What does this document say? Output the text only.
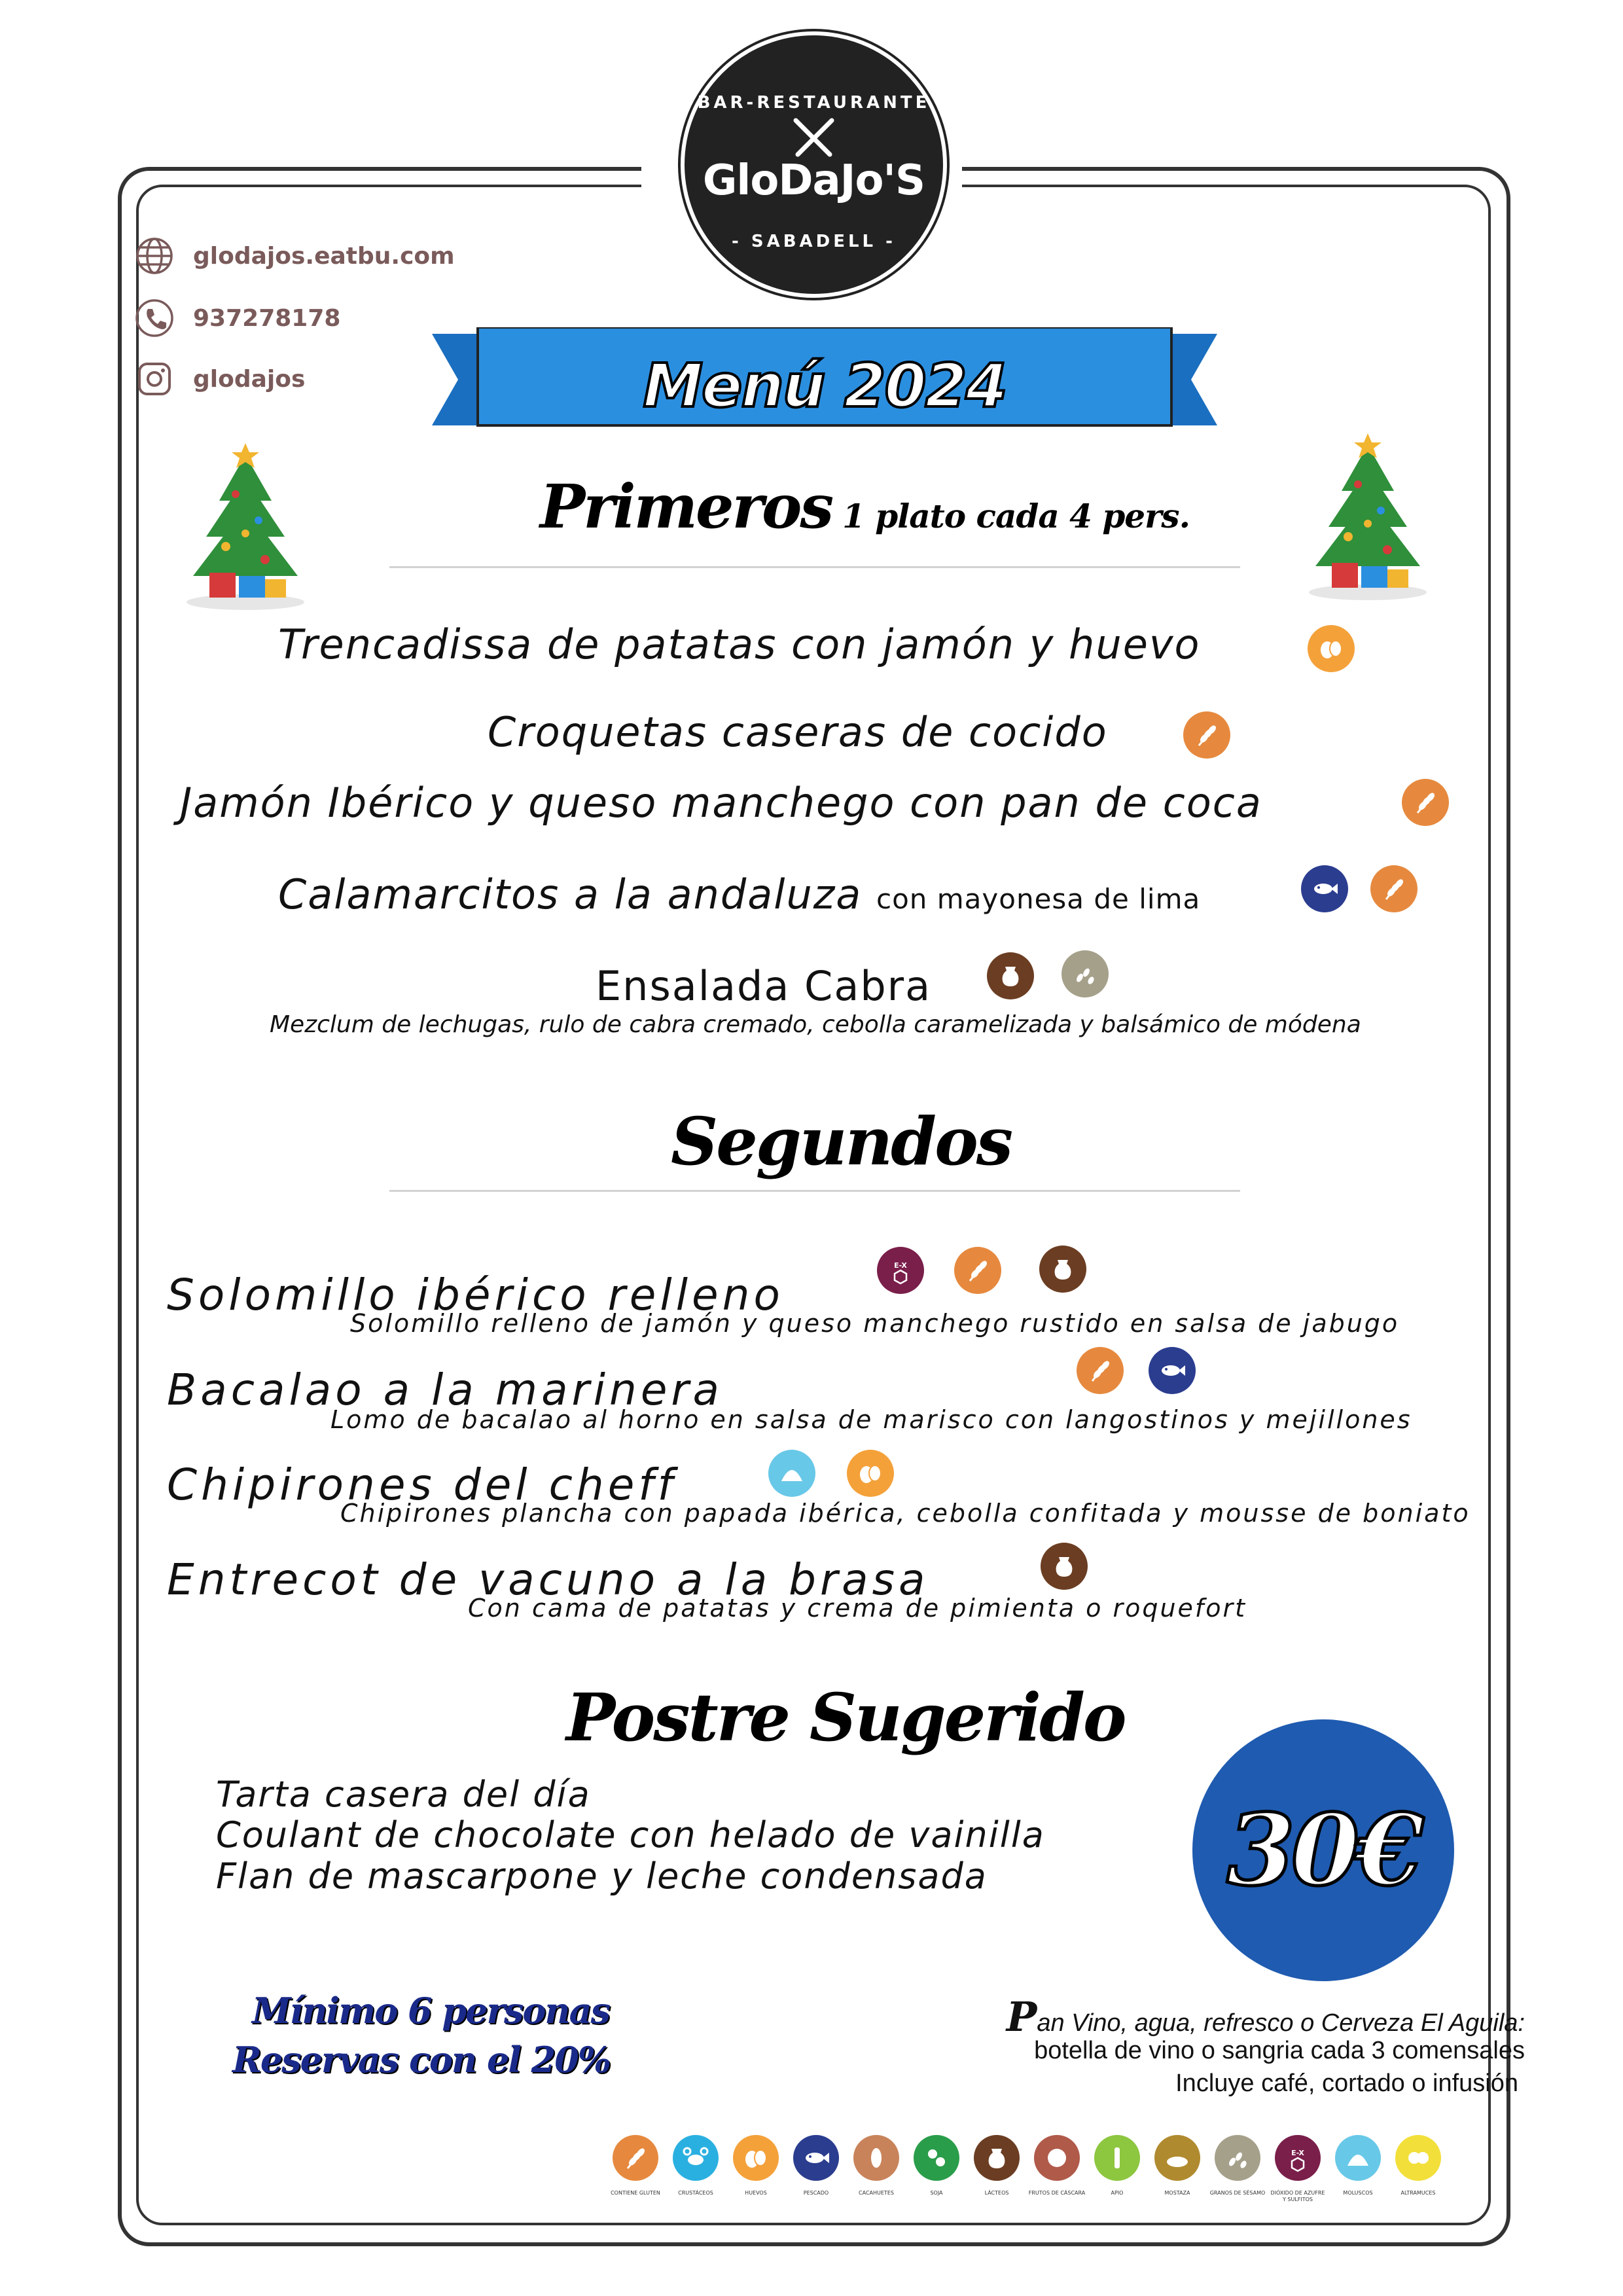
BAR-RESTAURANTE
GloDaJo'S
- SABADELL -
glodajos.eatbu.com
937278178
glodajos	Menú 2024
Primeros 1 plato cada 4 pers.
Trencadissa de patatas con jamón y huevo
Croquetas caseras de cocido
Jamón Ibérico y queso manchego con pan de coca
Calamarcitos a la andaluza con mayonesa de lima
Ensalada Cabra
Mezclum de lechugas, rulo de cabra cremado, cebolla caramelizada y balsámico de módena
Segundos
Solomillo ibérico relleno
E-X
Solomillo relleno de jamón y queso manchego rustido en salsa de jabugo
Bacalao a la marinera
Lomo de bacalao al horno en salsa de marisco con langostinos y mejillones
Chipirones del cheff
Chipirones plancha con papada ibérica, cebolla confitada y mousse de boniato
Entrecot de vacuno a la brasa
Con cama de patatas y crema de pimienta o roquefort
Postre Sugerido
Tarta casera del día
Coulant de chocolate con helado de vainilla
Flan de mascarpone y leche condensada 30€
Mínimo 6 personas
Reservas con el 20%
Pan Vino, agua, refresco o Cerveza El Aguila:
botella de vino o sangria cada 3 comensales
Incluye café, cortado o infusión
CONTIENE GLUTEN	CRUSTÁCEOS	HUEVOS	PESCADO	CACAHUETES	SOJA	LÁCTEOS	FRUTOS DE CÁSCARA	APIO	MOSTAZA	GRANOS DE SÉSAMO
E-X
DIÓXIDO DE AZUFRE Y SULFITOS
MOLUSCOS	ALTRAMUCES
